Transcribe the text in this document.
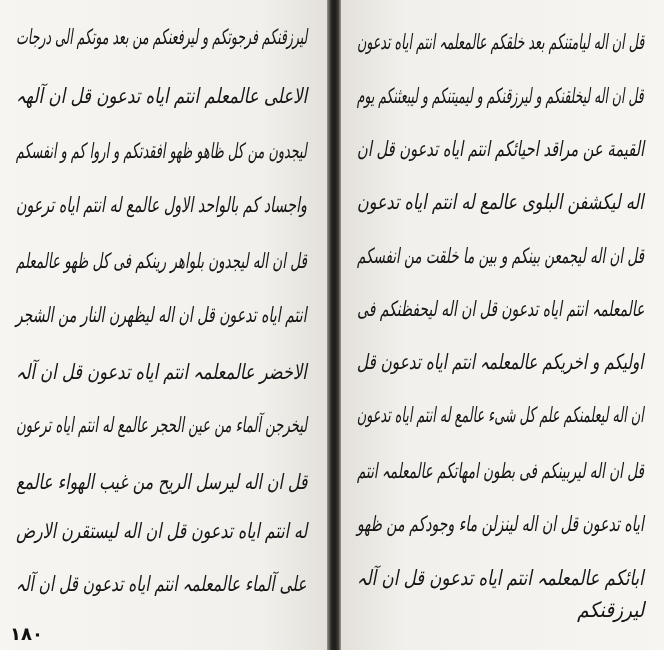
لیرزقنکم فرجوتکم و لیرفعنکم من بعد موتکم الی درجات
الاعلی عالمعلم انتم ایاه تدعون قل ان آلهہ
لیجدون من کل ظاهو ظهو افقدتکم و اروا کم و انفسکم
واجساد کم بالواحد الاول عالمع له انتم ایاه ترعون
قل ان اله لیجدون بلواهر رینکم فی کل ظهو عالمعلم
انتم ایاه تدعون قل ان اله لیظهرن النار من الشجر
الاخضر عالمعلمہ انتم ایاه تدعون قل ان آلہ
لیخرجن آلماء من عین الحجر عالمع له انتم ایاه ترعون
قل ان اله لیرسل الریح من غیب الهواء عالمع
له انتم ایاه تدعون قل ان اله لیستقرن الارض
علی آلماء عالمعلمہ انتم ایاه تدعون قل ان آلہ
۱۸۰
قل ان اله لیامتنکم بعد خلقکم عالمعلمہ انتم ایاه تدعون
قل ان اله لیخلقنکم و لیرزقنکم و لیمیتنکم و لیبعثنکم یوم
القیمة عن مراقد احیائکم انتم ایاه تدعون قل ان
اله لیکشفن البلوی عالمع له انتم ایاه تدعون
قل ان اله لیجمعن بینکم و بین ما خلقت من انفسکم
عالمعلمہ انتم ایاه تدعون قل ان اله لیحفظنکم فی
اولیکم و اخریکم عالمعلمہ انتم ایاه تدعون قل
ان اله لیعلمنکم علم کل شیء عالمع له انتم ایاه تدعون
قل ان اله لیربینکم فی بطون امهاتکم عالمعلمہ انتم
ایاه تدعون قل ان اله لینزلن ماء وجودکم من ظهو
ابائکم عالمعلمہ انتم ایاه تدعون قل ان آلہ
لیرزقنکم
